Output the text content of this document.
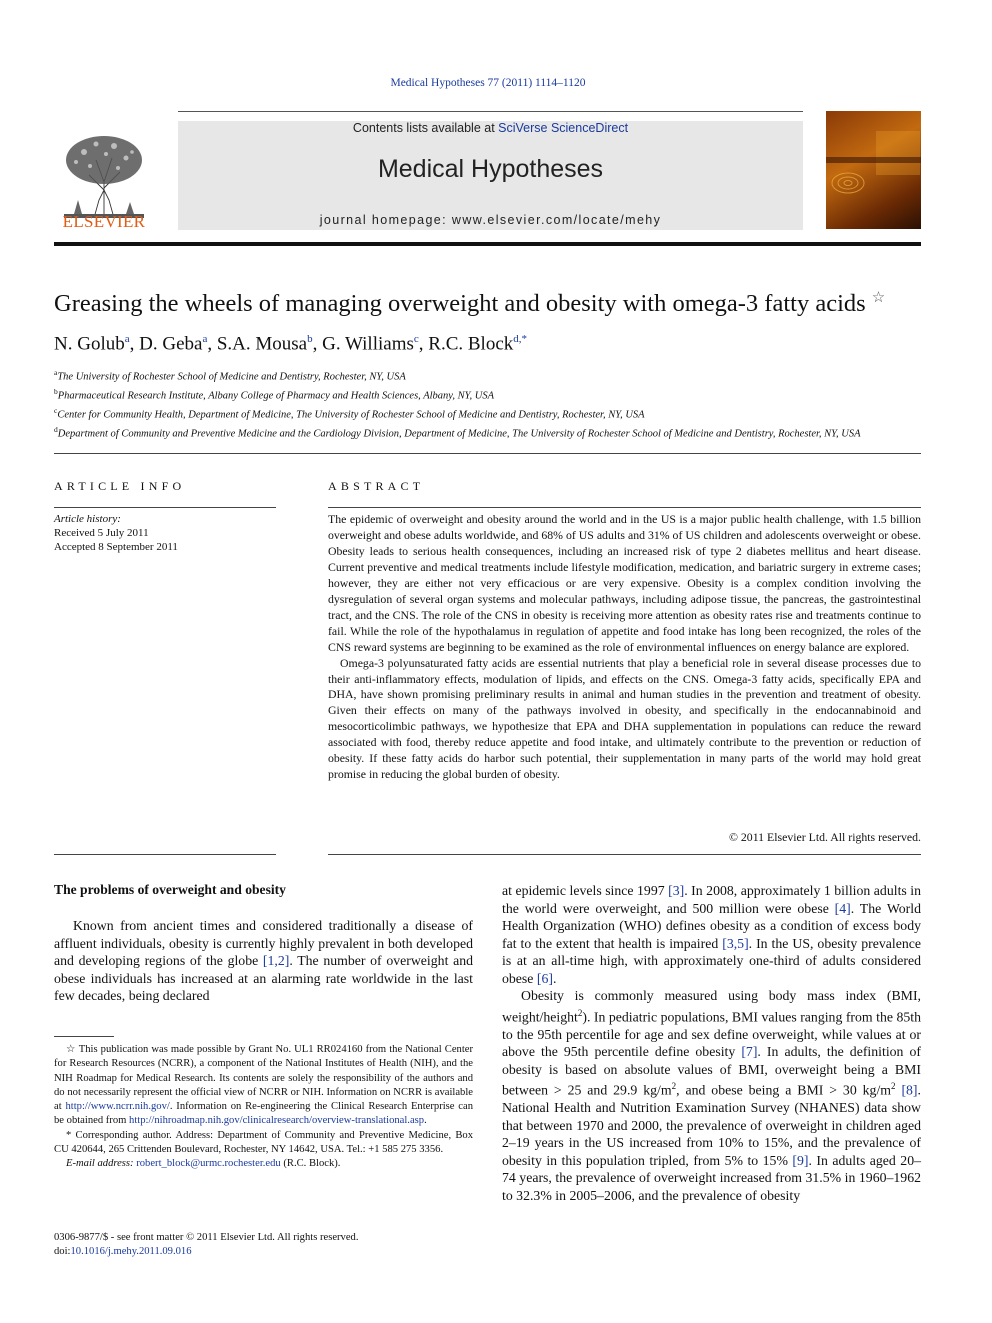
Medical Hypotheses 77 (2011) 1114–1120
ELSEVIER
Contents lists available at SciVerse ScienceDirect
Medical Hypotheses
journal homepage: www.elsevier.com/locate/mehy
Greasing the wheels of managing overweight and obesity with omega-3 fatty acids ☆
N. Golub$^a$, D. Geba$^a$, S.A. Mousa$^b$, G. Williams$^c$, R.C. Block$^{d,*}$
$^a$The University of Rochester School of Medicine and Dentistry, Rochester, NY, USA
$^b$Pharmaceutical Research Institute, Albany College of Pharmacy and Health Sciences, Albany, NY, USA
$^c$Center for Community Health, Department of Medicine, The University of Rochester School of Medicine and Dentistry, Rochester, NY, USA
$^d$Department of Community and Preventive Medicine and the Cardiology Division, Department of Medicine, The University of Rochester School of Medicine and Dentistry, Rochester, NY, USA
ARTICLE INFO
Article history:
Received 5 July 2011
Accepted 8 September 2011
ABSTRACT

The epidemic of overweight and obesity around the world and in the US is a major public health challenge, with 1.5 billion overweight and obese adults worldwide, and 68% of US adults and 31% of US children and adolescents overweight or obese. Obesity leads to serious health consequences, including an increased risk of type 2 diabetes mellitus and heart disease. Current preventive and medical treatments include lifestyle modification, medication, and bariatric surgery in extreme cases; however, they are either not very efficacious or are very expensive. Obesity is a complex condition involving the dysregulation of several organ systems and molecular pathways, including adipose tissue, the pancreas, the gastrointestinal tract, and the CNS. The role of the CNS in obesity is receiving more attention as obesity rates rise and treatments continue to fail. While the role of the hypothalamus in regulation of appetite and food intake has long been recognized, the roles of the CNS reward systems are beginning to be examined as the role of environmental influences on energy balance are explored.

Omega-3 polyunsaturated fatty acids are essential nutrients that play a beneficial role in several disease processes due to their anti-inflammatory effects, modulation of lipids, and effects on the CNS. Omega-3 fatty acids, specifically EPA and DHA, have shown promising preliminary results in animal and human studies in the prevention and treatment of obesity. Given their effects on many of the pathways involved in obesity, and specifically in the endocannabinoid and mesocorticolimbic pathways, we hypothesize that EPA and DHA supplementation in populations can reduce the reward associated with food, thereby reduce appetite and food intake, and ultimately contribute to the prevention or reduction of obesity. If these fatty acids do harbor such potential, their supplementation in many parts of the world may hold great promise in reducing the global burden of obesity.

© 2011 Elsevier Ltd. All rights reserved.
The problems of overweight and obesity

Known from ancient times and considered traditionally a disease of affluent individuals, obesity is currently highly prevalent in both developed and developing regions of the globe [1,2]. The number of overweight and obese individuals has increased at an alarming rate worldwide in the last few decades, being declared

at epidemic levels since 1997 [3]. In 2008, approximately 1 billion adults in the world were overweight, and 500 million were obese [4]. The World Health Organization (WHO) defines obesity as a condition of excess body fat to the extent that health is impaired [3,5]. In the US, obesity prevalence is at an all-time high, with approximately one-third of adults considered obese [6].

Obesity is commonly measured using body mass index (BMI, weight/height$^2$). In pediatric populations, BMI values ranging from the 85th to the 95th percentile for age and sex define overweight, while values at or above the 95th percentile define obesity [7]. In adults, the definition of obesity is based on absolute values of BMI, overweight being a BMI between > 25 and 29.9 $kg/m^2$, and obese being a BMI > 30 $kg/m^2$ [8]. National Health and Nutrition Examination Survey (NHANES) data show that between 1970 and 2000, the prevalence of overweight in children aged 2–19 years in the US increased from 10% to 15%, and the prevalence of obesity in this population tripled, from 5% to 15% [9]. In adults aged 20–74 years, the prevalence of overweight increased from 31.5% in 1960–1962 to 32.3% in 2005–2006, and the prevalence of obesity

☆ This publication was made possible by Grant No. UL1 RR024160 from the National Center for Research Resources (NCRR), a component of the National Institutes of Health (NIH), and the NIH Roadmap for Medical Research. Its contents are solely the responsibility of the authors and do not necessarily represent the official view of NCRR or NIH. Information on NCRR is available at http://www.ncrr.nih.gov/. Information on Re-engineering the Clinical Research Enterprise can be obtained from http://nihroadmap.nih.gov/clinicalresearch/overview-translational.asp.

* Corresponding author. Address: Department of Community and Preventive Medicine, Box CU 420644, 265 Crittenden Boulevard, Rochester, NY 14642, USA. Tel.: +1 585 275 3356.

E-mail address: robert_block@urmc.rochester.edu (R.C. Block).

0306-9877/$ - see front matter © 2011 Elsevier Ltd. All rights reserved.
doi:10.1016/j.mehy.2011.09.016
